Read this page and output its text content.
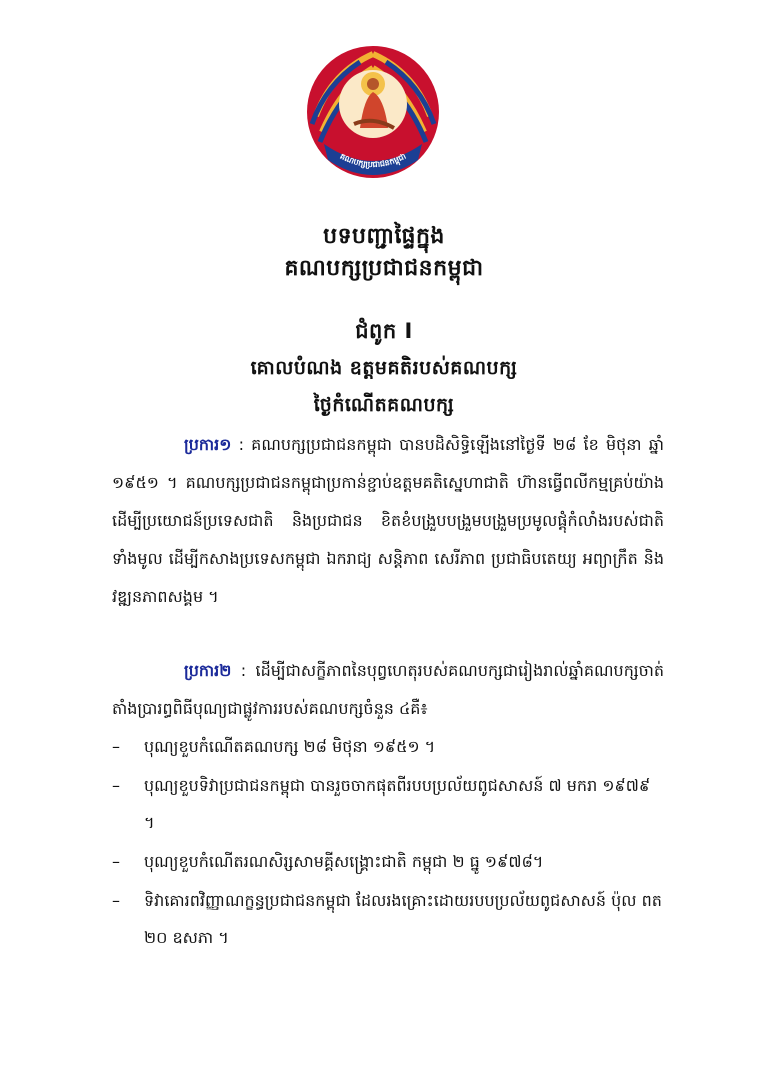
គណបក្សប្រជាជនកម្ពុជា
បទបញ្ជាផ្ទៃក្នុង
គណបក្សប្រជាជនកម្ពុជា
ជំពូក I
គោលបំណង ឧត្តមគតិរបស់គណបក្ស
ថ្ងៃកំណើតគណបក្ស

ប្រការ១ : គណបក្សប្រជាជនកម្ពុជា បានបដិសិទ្ធិឡើងនៅថ្ងៃទី ២៨ ខែ មិថុនា ឆ្នាំ ១៩៥១ ។ គណបក្សប្រជាជនកម្ពុជាប្រកាន់ខ្ជាប់ឧត្តមគតិស្នេហាជាតិ ហ៊ានធ្វើពលីកម្មគ្រប់យ៉ាងដើម្បីប្រយោជន៍ប្រទេសជាតិ និងប្រជាជន ខិតខំបង្រួបបង្រួមបង្រួមប្រមូលផ្ដុំកំលាំងរបស់ជាតិទាំងមូល ដើម្បីកសាងប្រទេសកម្ពុជា ឯករាជ្យ សន្តិភាព សេរីភាព ប្រជាធិបតេយ្យ អព្យាក្រឹត និងវឌ្ឍនភាពសង្គម ។

ប្រការ២ : ដើម្បីជាសក្ខីភាពនៃបុព្វហេតុរបស់គណបក្សជារៀងរាល់ឆ្នាំគណបក្សចាត់តាំងប្រារព្ធពិធីបុណ្យជាផ្លូវការរបស់គណបក្សចំនួន ៤គឺ៖

– បុណ្យខួបកំណើតគណបក្ស ២៨ មិថុនា ១៩៥១ ។
– បុណ្យខួបទិវាប្រជាជនកម្ពុជា បានរួចចាកផុតពីរបបប្រល័យពូជសាសន៍ ៧ មករា ១៩៧៩ ។
– បុណ្យខួបកំណើតរណសិរ្សសាមគ្គីសង្គ្រោះជាតិ កម្ពុជា ២ ធ្នូ ១៩៧៨។
– ទិវាគោរពវិញ្ញាណក្ខន្ធប្រជាជនកម្ពុជា ដែលរងគ្រោះដោយរបបប្រល័យពូជសាសន៍ ប៉ុល ពត ២០ ឧសភា ។
